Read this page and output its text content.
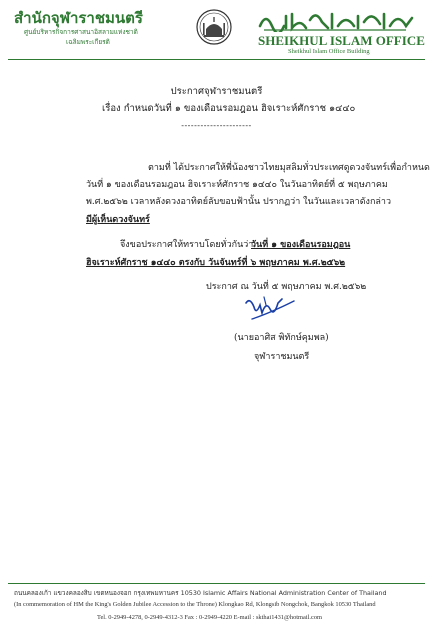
สำนักจุฬาราชมนตรี
ศูนย์บริหารกิจการศาสนาอิสลามแห่งชาติ
เฉลิมพระเกียรติ	SHEIKHUL ISLAM OFFICE
Sheikhul Islam Office Building
ประกาศจุฬาราชมนตรี
เรื่อง กำหนดวันที่ ๑ ของเดือนรอมฎอน ฮิจเราะห์ศักราช ๑๔๔๐
----------------------
ตามที่ ได้ประกาศให้พี่น้องชาวไทยมุสลิมทั่วประเทศดูดวงจันทร์เพื่อกำหนด
วันที่ ๑ ของเดือนรอมฎอน ฮิจเราะห์ศักราช ๑๔๔๐ ในวันอาทิตย์ที่ ๕ พฤษภาคม
พ.ศ.๒๕๖๒ เวลาหลังดวงอาทิตย์ลับขอบฟ้านั้น ปรากฏว่า ในวันและเวลาดังกล่าว
มีผู้เห็นดวงจันทร์
จึงขอประกาศให้ทราบโดยทั่วกันว่า
วันที่ ๑ ของเดือนรอมฎอน
ฮิจเราะห์ศักราช ๑๔๔๐ ตรงกับ วันจันทร์ที่ ๖ พฤษภาคม พ.ศ.๒๕๖๒
ประกาศ ณ วันที่ ๕ พฤษภาคม พ.ศ.๒๕๖๒
(นายอาศิส พิทักษ์คุมพล)
จุฬาราชมนตรี
ถนนคลองเก้า แขวงคลองสิบ เขตหนองจอก กรุงเทพมหานคร 10530 Islamic Affairs National Administration Center of Thailand
(In commemoration of HM the King's Golden Jubilee Accession to the Throne) Klongkao Rd, Klongsib Nongchok, Bangkok 10530 Thailand
Tel. 0-2949-4278, 0-2949-4312-3 Fax : 0-2949-4220 E-mail : skthai1431@hotmail.com
